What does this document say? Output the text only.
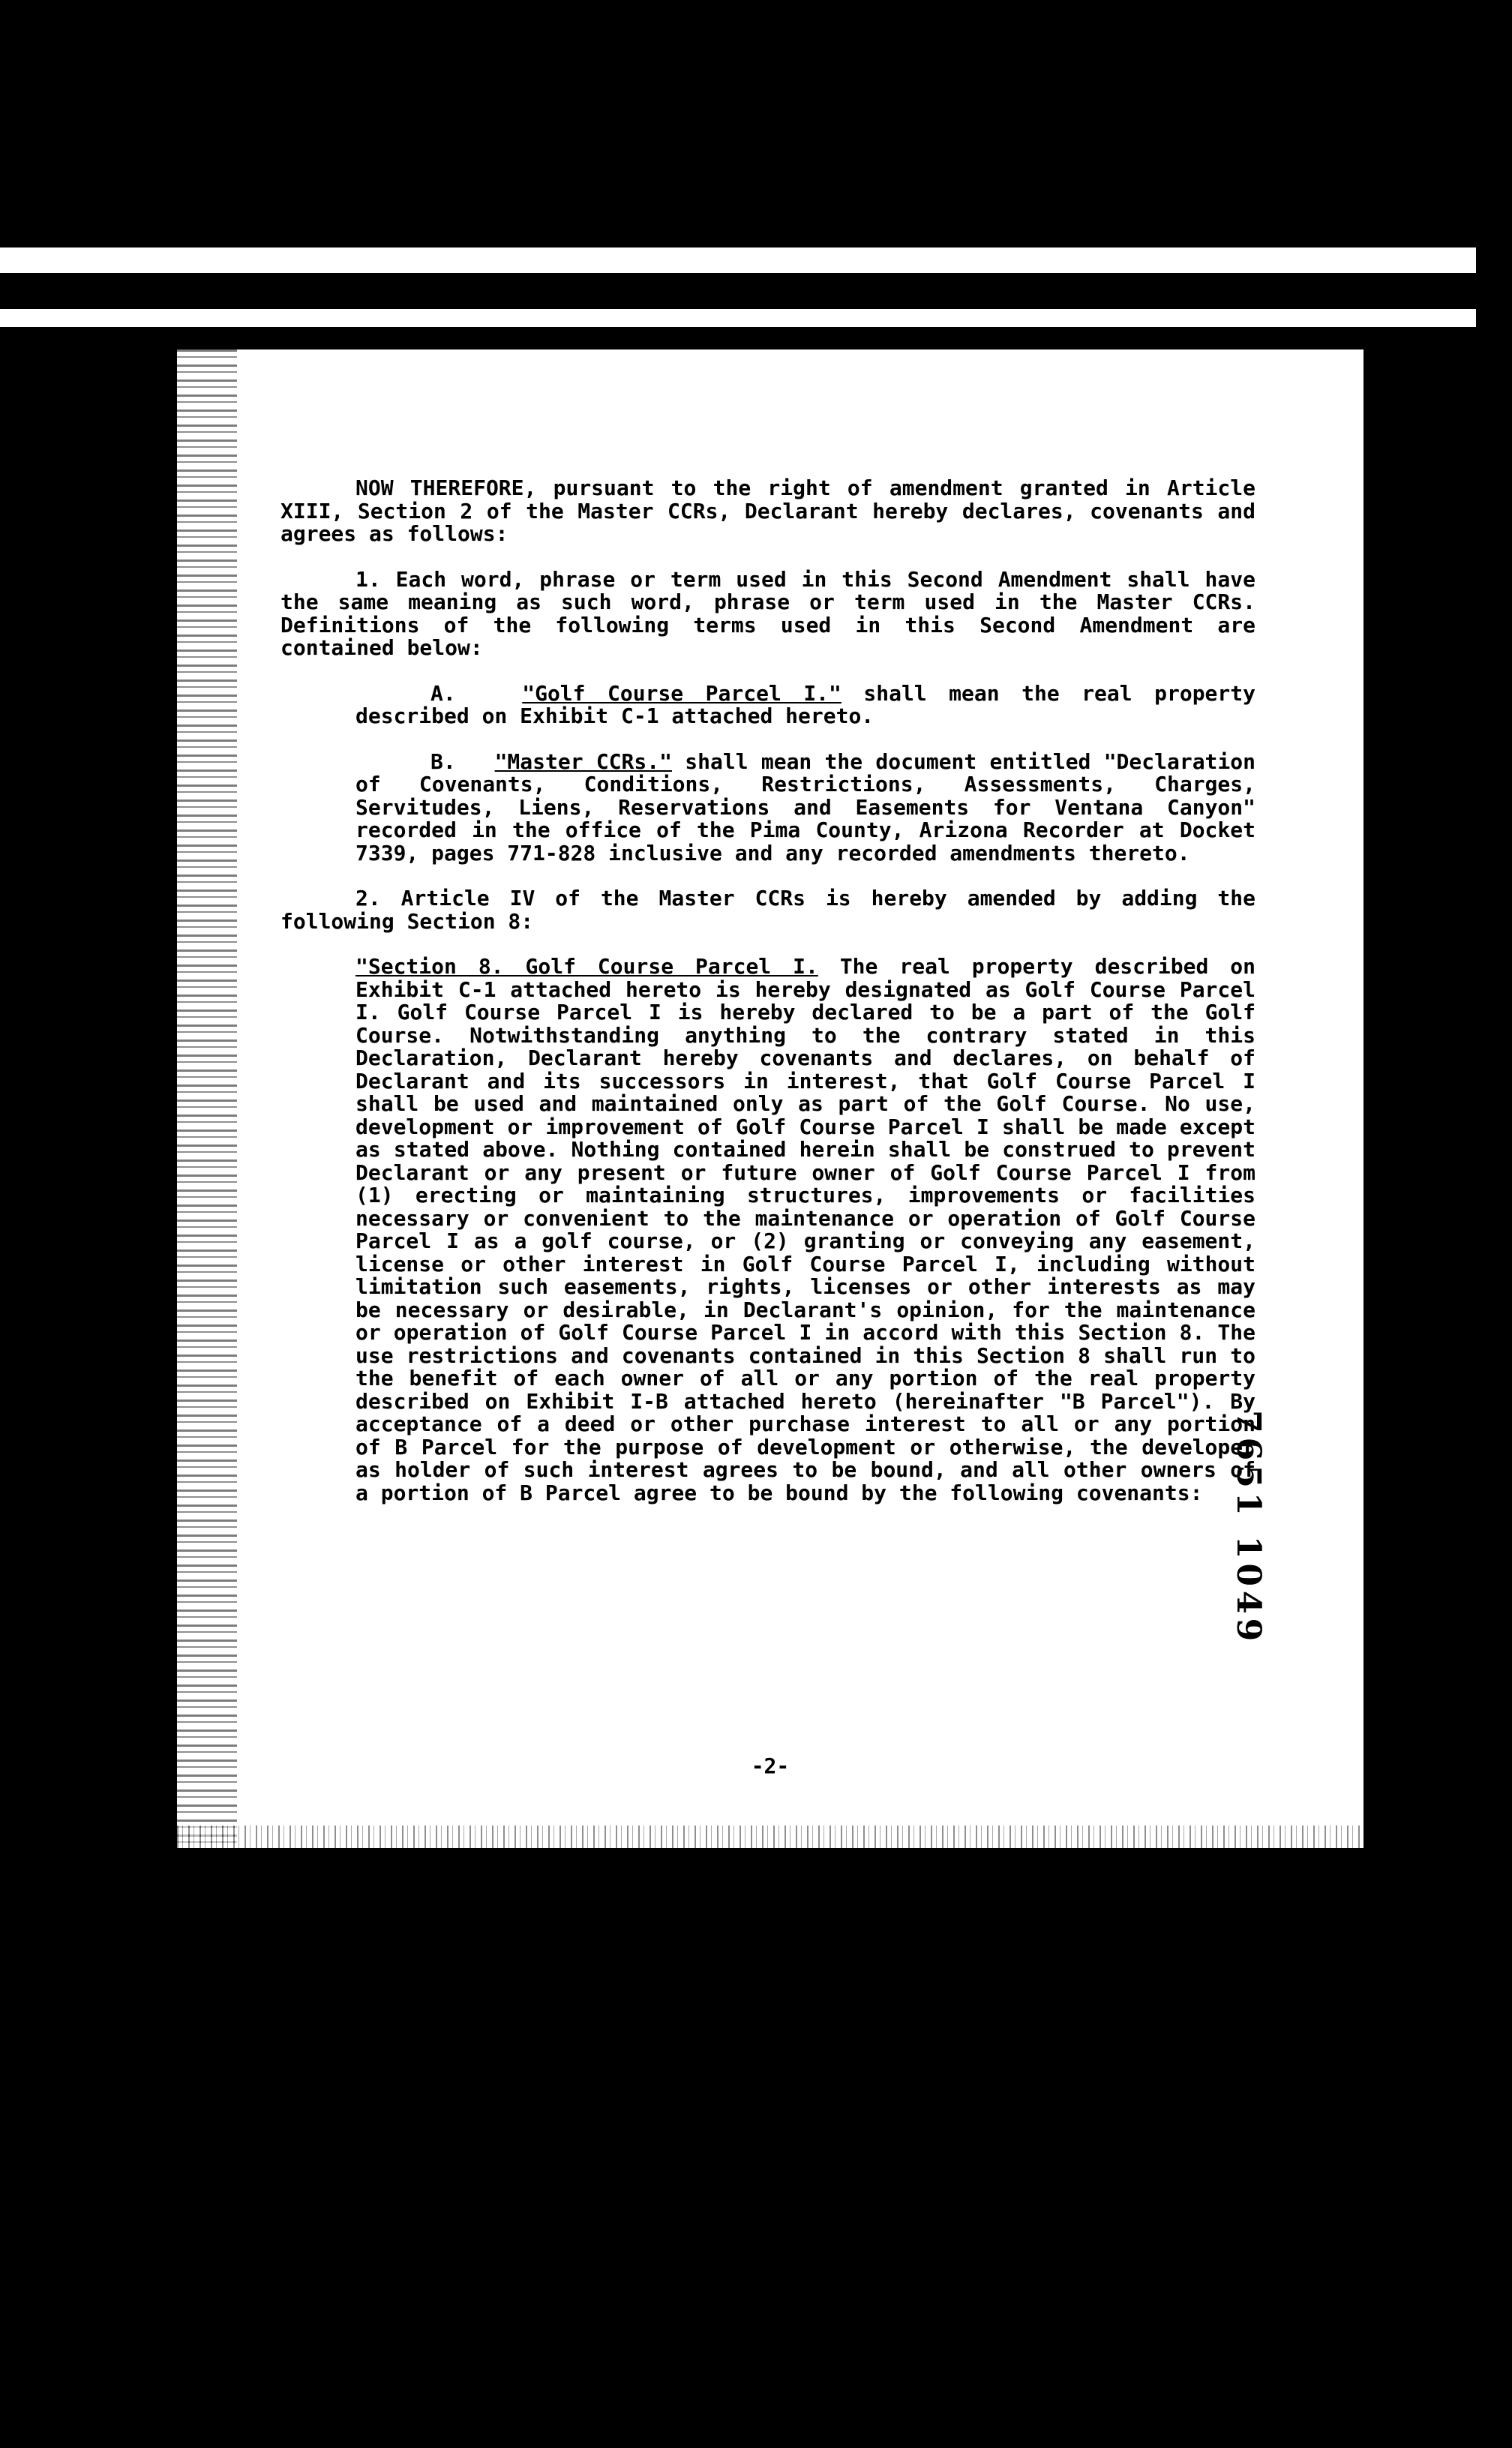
NOW THEREFORE, pursuant to the right of amendment granted in Article XIII, Section 2 of the Master CCRs, Declarant hereby declares, covenants and agrees as follows:

1. Each word, phrase or term used in this Second Amendment shall have the same meaning as such word, phrase or term used in the Master CCRs. Definitions of the following terms used in this Second Amendment are contained below:

A.	"Golf Course Parcel I." shall mean the real property described on Exhibit C-1 attached hereto.

B. "Master CCRs." shall mean the document entitled "Declaration of Covenants, Conditions, Restrictions, Assessments, Charges, Servitudes, Liens, Reservations and Easements for Ventana Canyon" recorded in the office of the Pima County, Arizona Recorder at Docket 7339, pages 771-828 inclusive and any recorded amendments thereto.

2. Article IV of the Master CCRs is hereby amended by adding the following Section 8:

"Section 8. Golf Course Parcel I. The real property described on Exhibit C-1 attached hereto is hereby designated as Golf Course Parcel I. Golf Course Parcel I is hereby declared to be a part of the Golf Course. Notwithstanding anything to the contrary stated in this Declaration, Declarant hereby covenants and declares, on behalf of Declarant and its successors in interest, that Golf Course Parcel I shall be used and maintained only as part of the Golf Course. No use, development or improvement of Golf Course Parcel I shall be made except as stated above. Nothing contained herein shall be construed to prevent Declarant or any present or future owner of Golf Course Parcel I from (1) erecting or maintaining structures, improvements or facilities necessary or convenient to the maintenance or operation of Golf Course Parcel I as a golf course, or (2) granting or conveying any easement, license or other interest in Golf Course Parcel I, including without limitation such easements, rights, licenses or other interests as may be necessary or desirable, in Declarant's opinion, for the maintenance or operation of Golf Course Parcel I in accord with this Section 8. The use restrictions and covenants contained in this Section 8 shall run to the benefit of each owner of all or any portion of the real property described on Exhibit I-B attached hereto (hereinafter "B Parcel"). By acceptance of a deed or other purchase interest to all or any portion of B Parcel for the purpose of development or otherwise, the developer as holder of such interest agrees to be bound, and all other owners of a portion of B Parcel agree to be bound by the following covenants:

-2-
7651 1049
